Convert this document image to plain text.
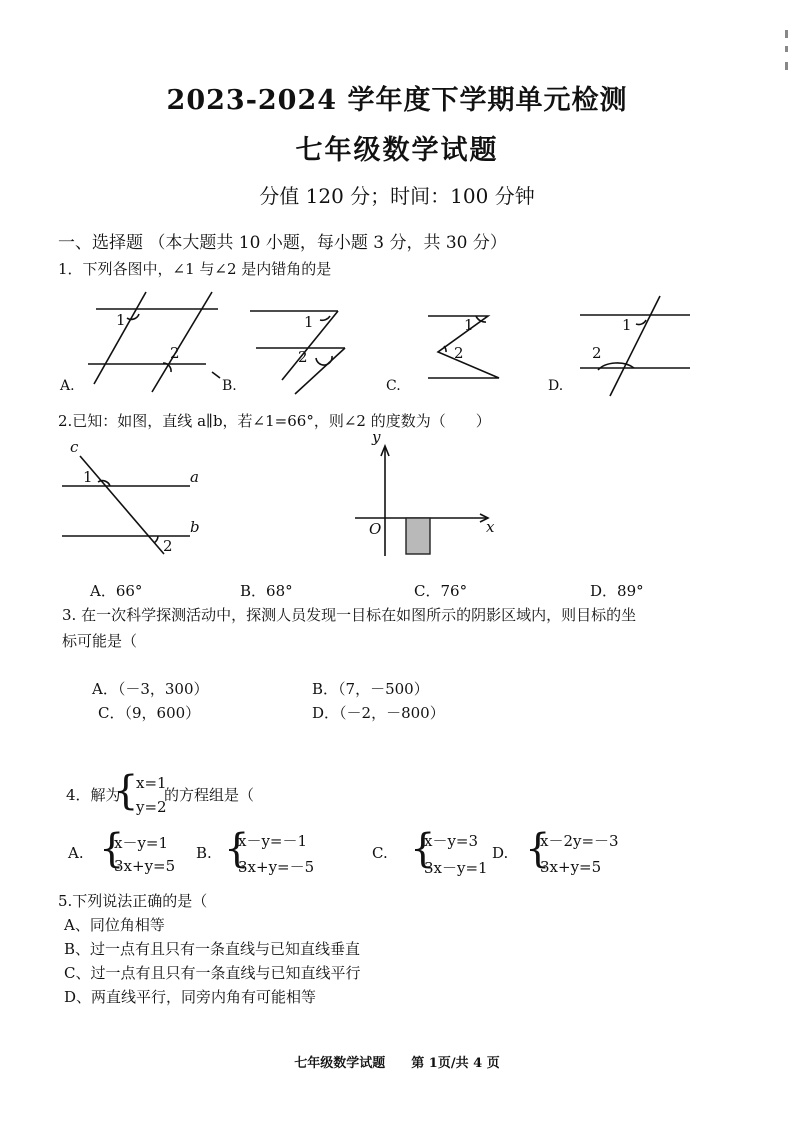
2023-2024 学年度下学期单元检测
七年级数学试题
分值 120 分；时间：100 分钟
一、选择题 （本大题共 10 小题，每小题 3 分，共 30 分）
1．下列各图中，∠1 与∠2 是内错角的是
1
2
1
2
1
2
1
2
A.	B.	C.	D.
c
a
b
1
2
y
x
O
2.已知：如图，直线 a∥b，若∠1=66°，则∠2 的度数为（　　）
A．66°	B．68°	C．76°	D．89°
3. 在一次科学探测活动中，探测人员发现一目标在如图所示的阴影区域内，则目标的坐
标可能是（
A．（－3，300）	B．（7，－500）
C．（9，600）	D．（－2，－800）
4．解为
{
x=1
y=2
的方程组是（
A. {
x－y=1
3x+y=5
B. {
x－y=－1
3x+y=－5
C. {
x－y=3
3x－y=1
D. {
x－2y=－3
3x+y=5
5.下列说法正确的是（
A、同位角相等
B、过一点有且只有一条直线与已知直线垂直
C、过一点有且只有一条直线与已知直线平行
D、两直线平行，同旁内角有可能相等
七年级数学试题　　第 1页/共 4 页
